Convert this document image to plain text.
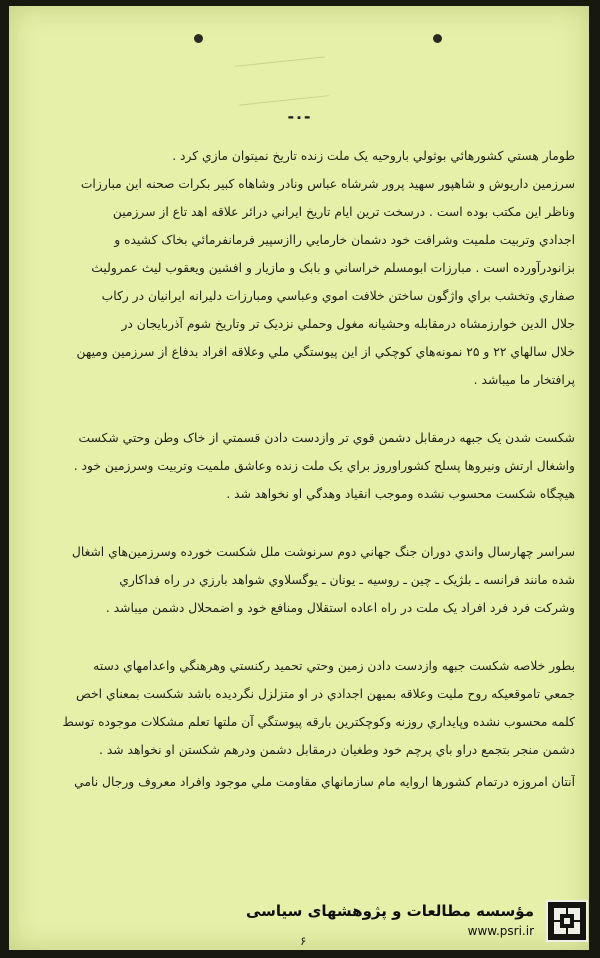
-۰-
طومار هستي کشورهائي بوثولي باروحيه يک ملت زنده تاريخ نميتوان مازي کرد .
سرزمين داريوش و شاهپور سهيد پرور شرشاه عباس ونادر وشاهاه کبير بکرات صحنه اين مبارزات
وناظر اين مکتب بوده است . درسخت ترين ايام تاريخ ايراني درائر علاقه اهد تاع از سرزمين
اجدادي وتربيت ملميت وشرافت خود دشمان خارمايي راازسپير فرمانفرمائي بخاک کشيده و
بزانودرآورده است . مبارزات ابومسلم خراساني و بابک و مازيار و افشين ويعقوب ليث عمروليث
صفاري وتخشب براي واژگون ساختن خلافت اموي وعباسي ومبارزات دليرانه ايرانيان در رکاب
جلال الدين خوارزمشاه درمقابله وحشيانه مغول وحملي نزديک تر وتاريخ شوم آذربايجان در
خلال سالهاي ۲۲ و ۲۵ نمونه‌هاي کوچکي از اين پيوستگي ملي وعلاقه افراد بدفاع از سرزمين وميهن
پرافتخار ما ميباشد .
شکست شدن يک جبهه درمقابل دشمن قوي تر وازدست دادن قسمتي از خاک وطن وحتي شکست
واشغال ارتش ونيروها پسلح کشوراوروز براي يک ملت زنده وعاشق ملميت وتربيت وسرزمين خود .
هيچگاه شکست محسوب نشده وموجب انقياد وهدگي او نخواهد شد .
سراسر چهارسال واندي دوران جنگ جهاني دوم سرنوشت ملل شکست خورده وسرزمين‌هاي اشغال
شده مانند فرانسه ـ بلژيک ـ چين ـ روسيه ـ يونان ـ يوگسلاوي شواهد بارزي در راه فداکاري
وشرکت فرد فرد افراد يک ملت در راه اعاده استقلال ومنافع خود و اضمحلال دشمن ميباشد .
بطور خلاصه شکست جبهه وازدست دادن زمين وحتي تحميد رکنستي وهرهنگي واعدامهاي دسته
جمعي تاموقعيکه روح مليت وعلاقه بميهن اجدادي در او متزلزل نگرديده باشد شکست بمعناي اخص
کلمه محسوب نشده وپايداري روزنه وکوچکترين بارقه پيوستگي آن ملتها تعلم مشکلات موجوده توسط
دشمن منجر بتجمع دراو باي پرچم خود وطغيان درمقابل دشمن ودرهم شکستن او نخواهد شد .
آنتان امروزه درتمام کشورها اروايه مام سازمانهاي مقاومت ملي موجود وافراد معروف ورجال نامي
۶
مؤسسه مطالعات و پژوهشهای سیاسی
www.psri.ir
